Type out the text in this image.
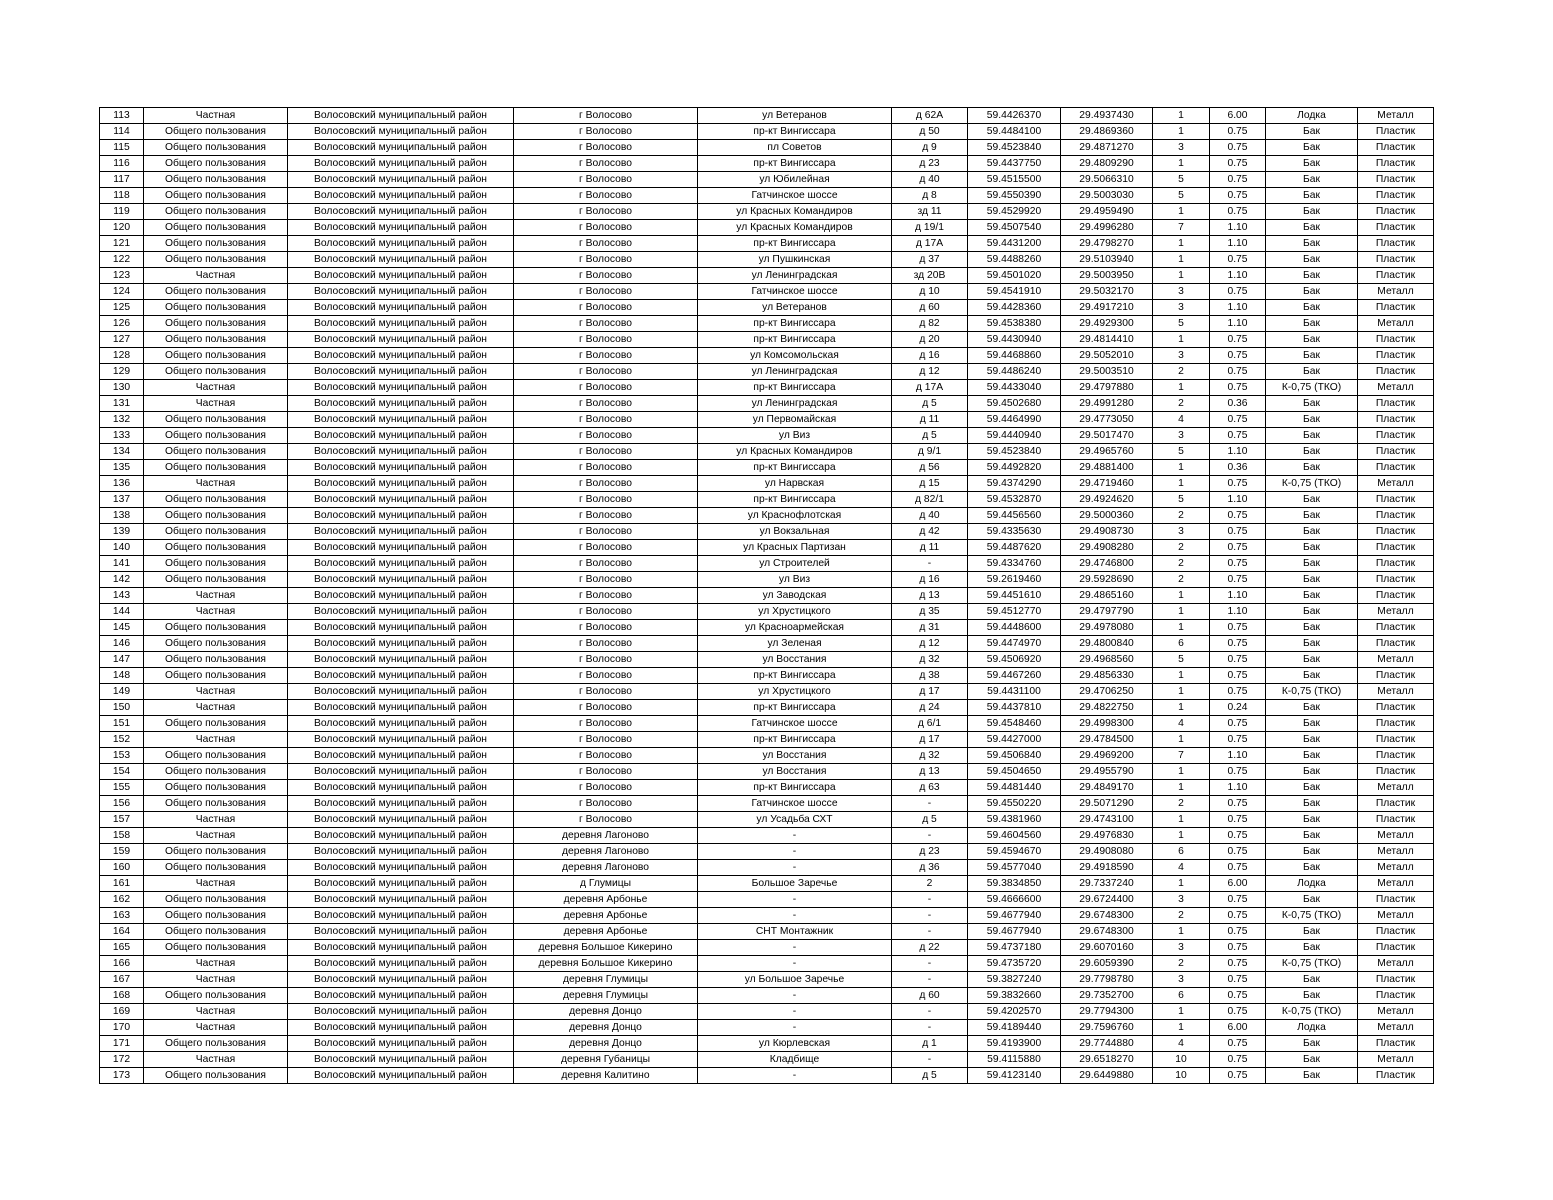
113	Частная	Волосовский муниципальный район	г Волосово	ул Ветеранов	д 62А	59.4426370	29.4937430	1	6.00	Лодка	Металл
114	Общего пользования	Волосовский муниципальный район	г Волосово	пр-кт Вингиссара	д 50	59.4484100	29.4869360	1	0.75	Бак	Пластик
115	Общего пользования	Волосовский муниципальный район	г Волосово	пл Советов	д 9	59.4523840	29.4871270	3	0.75	Бак	Пластик
116	Общего пользования	Волосовский муниципальный район	г Волосово	пр-кт Вингиссара	д 23	59.4437750	29.4809290	1	0.75	Бак	Пластик
117	Общего пользования	Волосовский муниципальный район	г Волосово	ул Юбилейная	д 40	59.4515500	29.5066310	5	0.75	Бак	Пластик
118	Общего пользования	Волосовский муниципальный район	г Волосово	Гатчинское шоссе	д 8	59.4550390	29.5003030	5	0.75	Бак	Пластик
119	Общего пользования	Волосовский муниципальный район	г Волосово	ул Красных Командиров	зд 11	59.4529920	29.4959490	1	0.75	Бак	Пластик
120	Общего пользования	Волосовский муниципальный район	г Волосово	ул Красных Командиров	д 19/1	59.4507540	29.4996280	7	1.10	Бак	Пластик
121	Общего пользования	Волосовский муниципальный район	г Волосово	пр-кт Вингиссара	д 17А	59.4431200	29.4798270	1	1.10	Бак	Пластик
122	Общего пользования	Волосовский муниципальный район	г Волосово	ул Пушкинская	д 37	59.4488260	29.5103940	1	0.75	Бак	Пластик
123	Частная	Волосовский муниципальный район	г Волосово	ул Ленинградская	зд 20В	59.4501020	29.5003950	1	1.10	Бак	Пластик
124	Общего пользования	Волосовский муниципальный район	г Волосово	Гатчинское шоссе	д 10	59.4541910	29.5032170	3	0.75	Бак	Металл
125	Общего пользования	Волосовский муниципальный район	г Волосово	ул Ветеранов	д 60	59.4428360	29.4917210	3	1.10	Бак	Пластик
126	Общего пользования	Волосовский муниципальный район	г Волосово	пр-кт Вингиссара	д 82	59.4538380	29.4929300	5	1.10	Бак	Металл
127	Общего пользования	Волосовский муниципальный район	г Волосово	пр-кт Вингиссара	д 20	59.4430940	29.4814410	1	0.75	Бак	Пластик
128	Общего пользования	Волосовский муниципальный район	г Волосово	ул Комсомольская	д 16	59.4468860	29.5052010	3	0.75	Бак	Пластик
129	Общего пользования	Волосовский муниципальный район	г Волосово	ул Ленинградская	д 12	59.4486240	29.5003510	2	0.75	Бак	Пластик
130	Частная	Волосовский муниципальный район	г Волосово	пр-кт Вингиссара	д 17А	59.4433040	29.4797880	1	0.75	К-0,75 (ТКО)	Металл
131	Частная	Волосовский муниципальный район	г Волосово	ул Ленинградская	д 5	59.4502680	29.4991280	2	0.36	Бак	Пластик
132	Общего пользования	Волосовский муниципальный район	г Волосово	ул Первомайская	д 11	59.4464990	29.4773050	4	0.75	Бак	Пластик
133	Общего пользования	Волосовский муниципальный район	г Волосово	ул Виз	д 5	59.4440940	29.5017470	3	0.75	Бак	Пластик
134	Общего пользования	Волосовский муниципальный район	г Волосово	ул Красных Командиров	д 9/1	59.4523840	29.4965760	5	1.10	Бак	Пластик
135	Общего пользования	Волосовский муниципальный район	г Волосово	пр-кт Вингиссара	д 56	59.4492820	29.4881400	1	0.36	Бак	Пластик
136	Частная	Волосовский муниципальный район	г Волосово	ул Нарвская	д 15	59.4374290	29.4719460	1	0.75	К-0,75 (ТКО)	Металл
137	Общего пользования	Волосовский муниципальный район	г Волосово	пр-кт Вингиссара	д 82/1	59.4532870	29.4924620	5	1.10	Бак	Пластик
138	Общего пользования	Волосовский муниципальный район	г Волосово	ул Краснофлотская	д 40	59.4456560	29.5000360	2	0.75	Бак	Пластик
139	Общего пользования	Волосовский муниципальный район	г Волосово	ул Вокзальная	д 42	59.4335630	29.4908730	3	0.75	Бак	Пластик
140	Общего пользования	Волосовский муниципальный район	г Волосово	ул Красных Партизан	д 11	59.4487620	29.4908280	2	0.75	Бак	Пластик
141	Общего пользования	Волосовский муниципальный район	г Волосово	ул Строителей	-	59.4334760	29.4746800	2	0.75	Бак	Пластик
142	Общего пользования	Волосовский муниципальный район	г Волосово	ул Виз	д 16	59.2619460	29.5928690	2	0.75	Бак	Пластик
143	Частная	Волосовский муниципальный район	г Волосово	ул Заводская	д 13	59.4451610	29.4865160	1	1.10	Бак	Пластик
144	Частная	Волосовский муниципальный район	г Волосово	ул Хрустицкого	д 35	59.4512770	29.4797790	1	1.10	Бак	Металл
145	Общего пользования	Волосовский муниципальный район	г Волосово	ул Красноармейская	д 31	59.4448600	29.4978080	1	0.75	Бак	Пластик
146	Общего пользования	Волосовский муниципальный район	г Волосово	ул Зеленая	д 12	59.4474970	29.4800840	6	0.75	Бак	Пластик
147	Общего пользования	Волосовский муниципальный район	г Волосово	ул Восстания	д 32	59.4506920	29.4968560	5	0.75	Бак	Металл
148	Общего пользования	Волосовский муниципальный район	г Волосово	пр-кт Вингиссара	д 38	59.4467260	29.4856330	1	0.75	Бак	Пластик
149	Частная	Волосовский муниципальный район	г Волосово	ул Хрустицкого	д 17	59.4431100	29.4706250	1	0.75	К-0,75 (ТКО)	Металл
150	Частная	Волосовский муниципальный район	г Волосово	пр-кт Вингиссара	д 24	59.4437810	29.4822750	1	0.24	Бак	Пластик
151	Общего пользования	Волосовский муниципальный район	г Волосово	Гатчинское шоссе	д 6/1	59.4548460	29.4998300	4	0.75	Бак	Пластик
152	Частная	Волосовский муниципальный район	г Волосово	пр-кт Вингиссара	д 17	59.4427000	29.4784500	1	0.75	Бак	Пластик
153	Общего пользования	Волосовский муниципальный район	г Волосово	ул Восстания	д 32	59.4506840	29.4969200	7	1.10	Бак	Пластик
154	Общего пользования	Волосовский муниципальный район	г Волосово	ул Восстания	д 13	59.4504650	29.4955790	1	0.75	Бак	Пластик
155	Общего пользования	Волосовский муниципальный район	г Волосово	пр-кт Вингиссара	д 63	59.4481440	29.4849170	1	1.10	Бак	Металл
156	Общего пользования	Волосовский муниципальный район	г Волосово	Гатчинское шоссе	-	59.4550220	29.5071290	2	0.75	Бак	Пластик
157	Частная	Волосовский муниципальный район	г Волосово	ул Усадьба СХТ	д 5	59.4381960	29.4743100	1	0.75	Бак	Пластик
158	Частная	Волосовский муниципальный район	деревня Лагоново	-	-	59.4604560	29.4976830	1	0.75	Бак	Металл
159	Общего пользования	Волосовский муниципальный район	деревня Лагоново	-	д 23	59.4594670	29.4908080	6	0.75	Бак	Металл
160	Общего пользования	Волосовский муниципальный район	деревня Лагоново	-	д 36	59.4577040	29.4918590	4	0.75	Бак	Металл
161	Частная	Волосовский муниципальный район	д Глумицы	Большое Заречье	2	59.3834850	29.7337240	1	6.00	Лодка	Металл
162	Общего пользования	Волосовский муниципальный район	деревня Арбонье	-	-	59.4666600	29.6724400	3	0.75	Бак	Пластик
163	Общего пользования	Волосовский муниципальный район	деревня Арбонье	-	-	59.4677940	29.6748300	2	0.75	К-0,75 (ТКО)	Металл
164	Общего пользования	Волосовский муниципальный район	деревня Арбонье	СНТ Монтажник	-	59.4677940	29.6748300	1	0.75	Бак	Пластик
165	Общего пользования	Волосовский муниципальный район	деревня Большое Кикерино	-	д 22	59.4737180	29.6070160	3	0.75	Бак	Пластик
166	Частная	Волосовский муниципальный район	деревня Большое Кикерино	-	-	59.4735720	29.6059390	2	0.75	К-0,75 (ТКО)	Металл
167	Частная	Волосовский муниципальный район	деревня Глумицы	ул Большое Заречье	-	59.3827240	29.7798780	3	0.75	Бак	Пластик
168	Общего пользования	Волосовский муниципальный район	деревня Глумицы	-	д 60	59.3832660	29.7352700	6	0.75	Бак	Пластик
169	Частная	Волосовский муниципальный район	деревня Донцо	-	-	59.4202570	29.7794300	1	0.75	К-0,75 (ТКО)	Металл
170	Частная	Волосовский муниципальный район	деревня Донцо	-	-	59.4189440	29.7596760	1	6.00	Лодка	Металл
171	Общего пользования	Волосовский муниципальный район	деревня Донцо	ул Кюрлевская	д 1	59.4193900	29.7744880	4	0.75	Бак	Пластик
172	Частная	Волосовский муниципальный район	деревня Губаницы	Кладбище	-	59.4115880	29.6518270	10	0.75	Бак	Металл
173	Общего пользования	Волосовский муниципальный район	деревня Калитино	-	д 5	59.4123140	29.6449880	10	0.75	Бак	Пластик
